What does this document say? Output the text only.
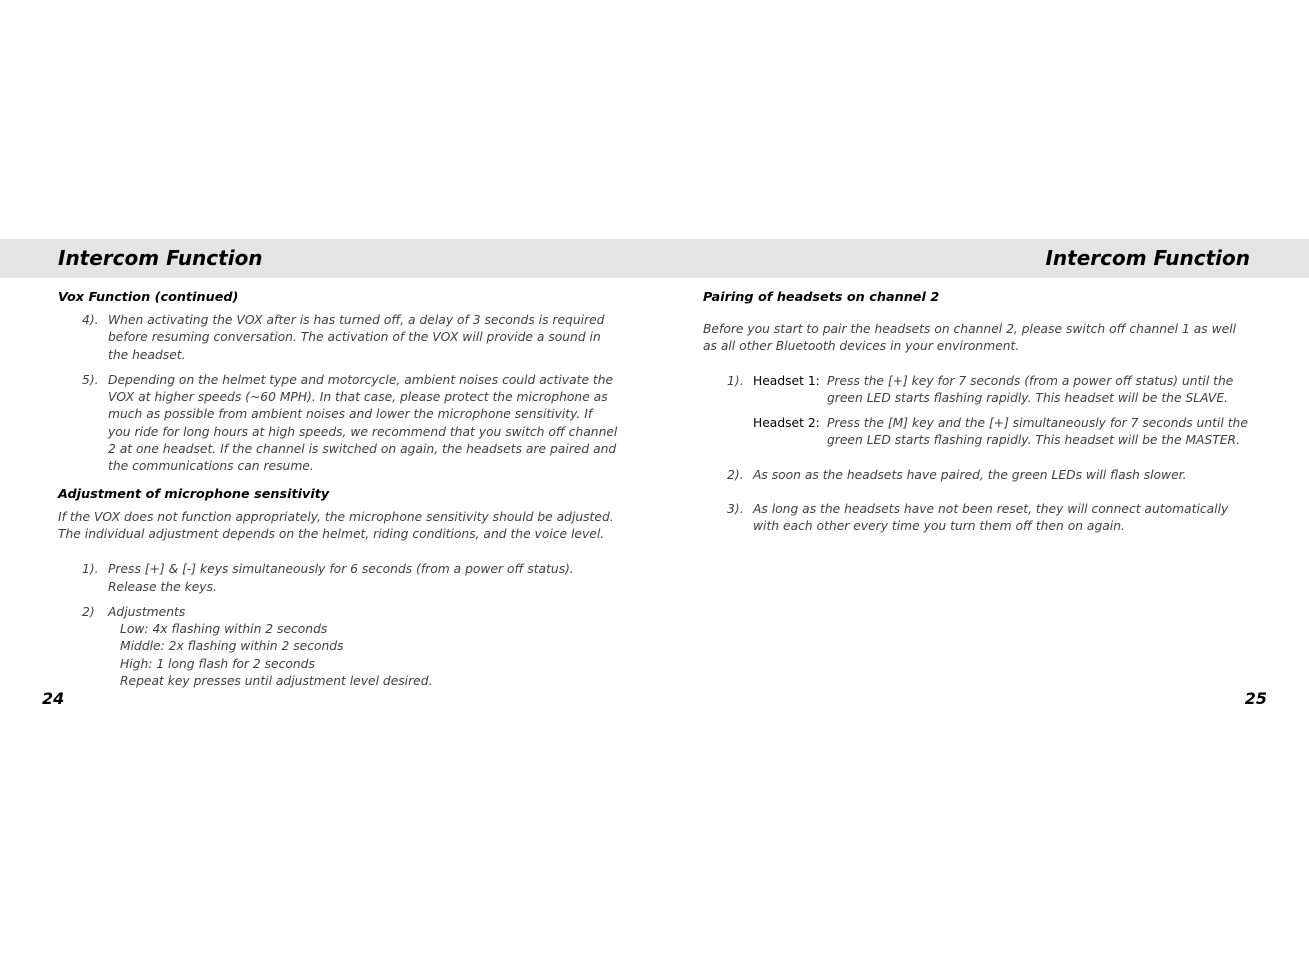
Intercom Function	Intercom Function
Vox Function (continued)
4). When activating the VOX after is has turned off, a delay of 3 seconds is required before resuming conversation. The activation of the VOX will provide a sound in the headset.
5). Depending on the helmet type and motorcycle, ambient noises could activate the VOX at higher speeds (~60 MPH). In that case, please protect the microphone as much as possible from ambient noises and lower the microphone sensitivity. If you ride for long hours at high speeds, we recommend that you switch off channel 2 at one headset. If the channel is switched on again, the headsets are paired and the communications can resume.
Adjustment of microphone sensitivity

If the VOX does not function appropriately, the microphone sensitivity should be adjusted. The individual adjustment depends on the helmet, riding conditions, and the voice level.

1). Press [+] & [-] keys simultaneously for 6 seconds (from a power off status). Release the keys.
2) Adjustments
Low: 4x flashing within 2 seconds
Middle: 2x flashing within 2 seconds
High: 1 long flash for 2 seconds
Repeat key presses until adjustment level desired.
Pairing of headsets on channel 2

Before you start to pair the headsets on channel 2, please switch off channel 1 as well as all other Bluetooth devices in your environment.

1). Headset 1: Press the [+] key for 7 seconds (from a power off status) until the green LED starts flashing rapidly. This headset will be the SLAVE.
Headset 2: Press the [M] key and the [+] simultaneously for 7 seconds until the green LED starts flashing rapidly. This headset will be the MASTER.
2). As soon as the headsets have paired, the green LEDs will flash slower.
3). As long as the headsets have not been reset, they will connect automatically with each other every time you turn them off then on again.
24	25
